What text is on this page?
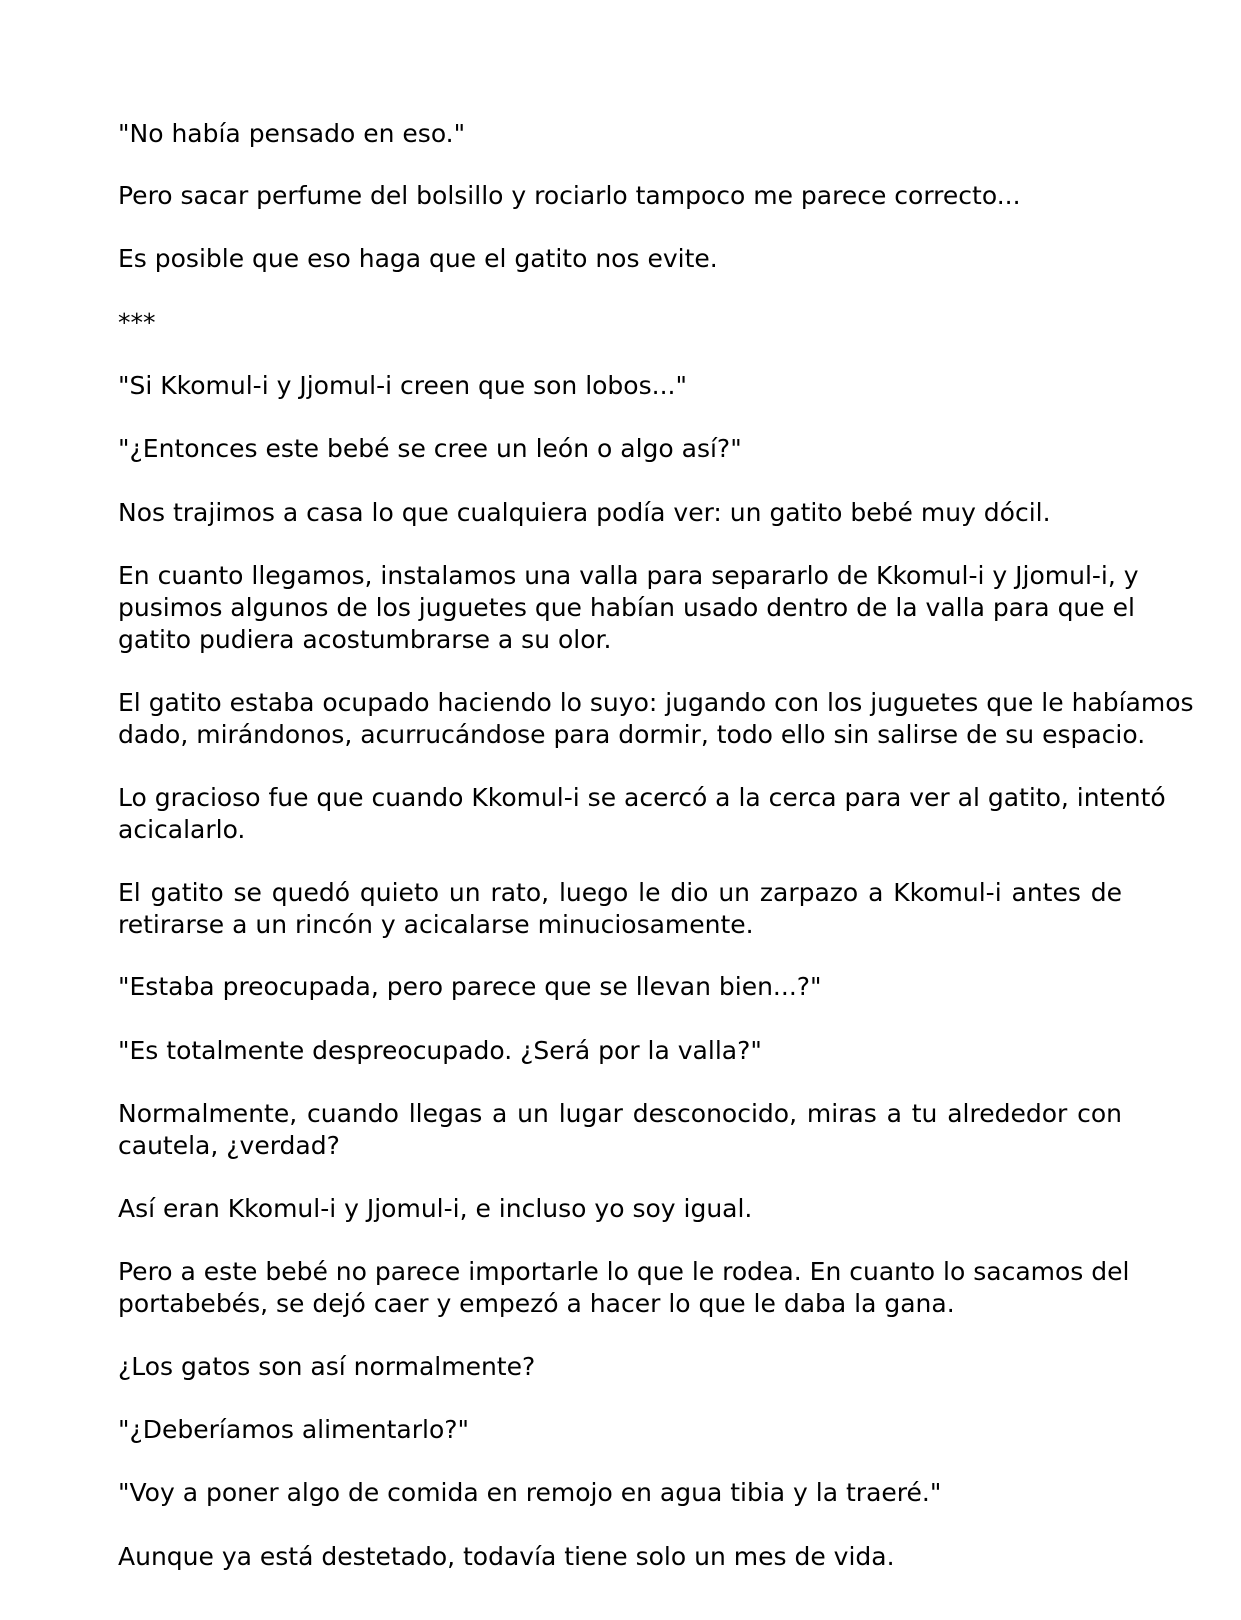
"No había pensado en eso."

Pero sacar perfume del bolsillo y rociarlo tampoco me parece correcto...

Es posible que eso haga que el gatito nos evite.

***

"Si Kkomul-i y Jjomul-i creen que son lobos..."

"¿Entonces este bebé se cree un león o algo así?"

Nos trajimos a casa lo que cualquiera podía ver: un gatito bebé muy dócil.

En cuanto llegamos, instalamos una valla para separarlo de Kkomul-i y Jjomul-i, y
pusimos algunos de los juguetes que habían usado dentro de la valla para que el
gatito pudiera acostumbrarse a su olor.

El gatito estaba ocupado haciendo lo suyo: jugando con los juguetes que le habíamos
dado, mirándonos, acurrucándose para dormir, todo ello sin salirse de su espacio.

Lo gracioso fue que cuando Kkomul-i se acercó a la cerca para ver al gatito, intentó
acicalarlo.

El gatito se quedó quieto un rato, luego le dio un zarpazo a Kkomul-i antes de
retirarse a un rincón y acicalarse minuciosamente.

"Estaba preocupada, pero parece que se llevan bien...?"

"Es totalmente despreocupado. ¿Será por la valla?"

Normalmente, cuando llegas a un lugar desconocido, miras a tu alrededor con
cautela, ¿verdad?

Así eran Kkomul-i y Jjomul-i, e incluso yo soy igual.

Pero a este bebé no parece importarle lo que le rodea. En cuanto lo sacamos del
portabebés, se dejó caer y empezó a hacer lo que le daba la gana.

¿Los gatos son así normalmente?

"¿Deberíamos alimentarlo?"

"Voy a poner algo de comida en remojo en agua tibia y la traeré."

Aunque ya está destetado, todavía tiene solo un mes de vida.
